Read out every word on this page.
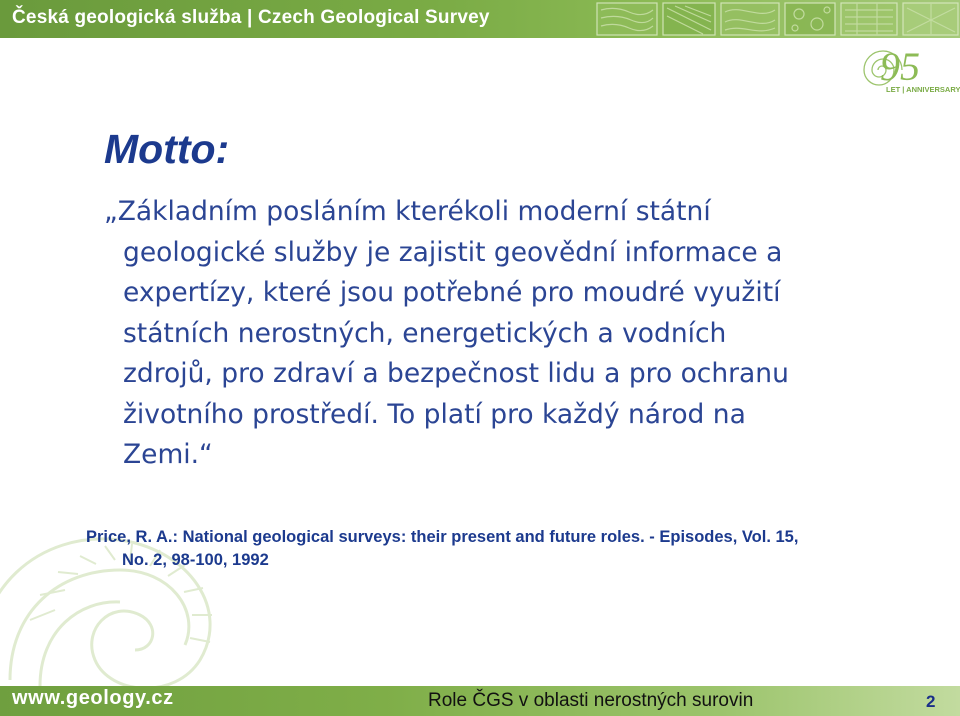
Česká geologická služba | Czech Geological Survey
95
LET | ANNIVERSARY
Motto:
„Základním posláním kterékoli moderní státní
geologické služby je zajistit geovědní informace a
expertízy, které jsou potřebné pro moudré využití
státních nerostných, energetických a vodních
zdrojů, pro zdraví a bezpečnost lidu a pro ochranu
životního prostředí. To platí pro každý národ na
Zemi.“
Price, R. A.: National geological surveys: their present and future roles. - Episodes, Vol. 15,
No. 2, 98-100, 1992
www.geology.cz	Role ČGS v oblasti nerostných surovin	2
